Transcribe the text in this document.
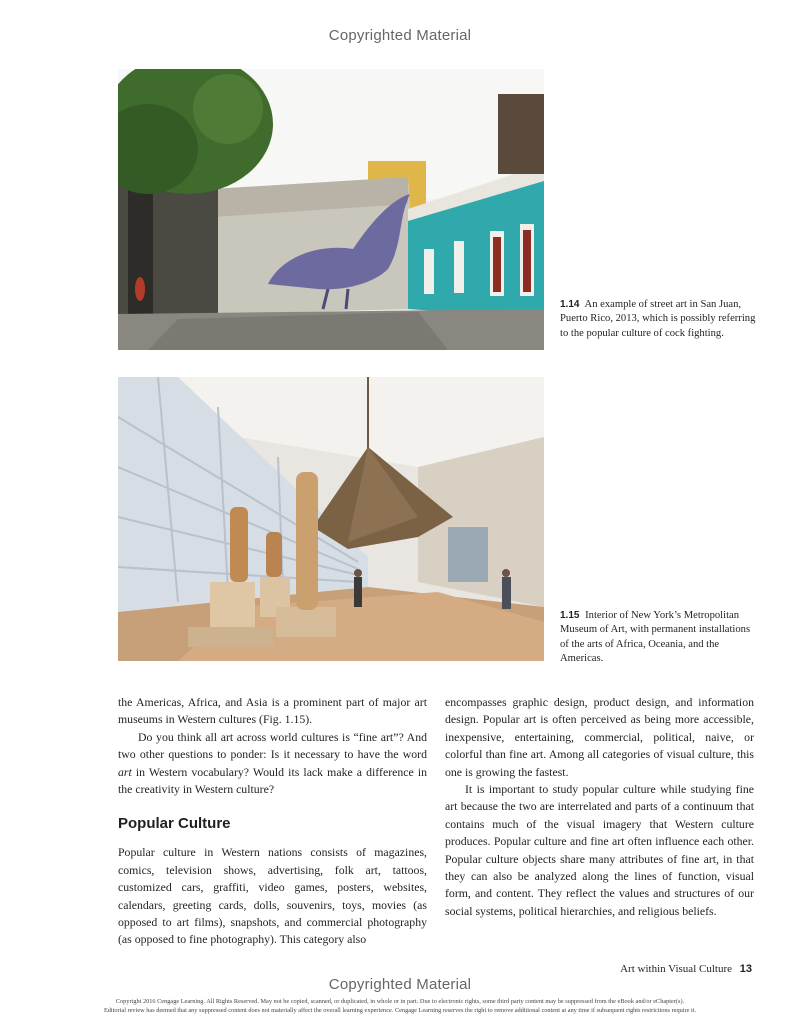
Copyrighted Material
1.14 An example of street art in San Juan, Puerto Rico, 2013, which is possibly referring to the popular culture of cock fighting.
1.15 Interior of New York’s Metropolitan Museum of Art, with permanent installations of the arts of Africa, Oceania, and the Americas.

the Americas, Africa, and Asia is a prominent part of major art museums in Western cultures (Fig. 1.15).

Do you think all art across world cultures is “fine art”? And two other questions to ponder: Is it necessary to have the word art in Western vocabulary? Would its lack make a difference in the creativity in Western culture?

Popular Culture

Popular culture in Western nations consists of magazines, comics, television shows, advertising, folk art, tattoos, customized cars, graffiti, video games, posters, websites, calendars, greeting cards, dolls, souvenirs, toys, movies (as opposed to art films), snapshots, and commercial photography (as opposed to fine photography). This category also

encompasses graphic design, product design, and information design. Popular art is often perceived as being more accessible, inexpensive, entertaining, commercial, political, naive, or colorful than fine art. Among all categories of visual culture, this one is growing the fastest.

It is important to study popular culture while studying fine art because the two are interrelated and parts of a continuum that contains much of the visual imagery that Western culture produces. Popular culture and fine art often influence each other. Popular culture objects share many attributes of fine art, in that they can also be analyzed along the lines of function, visual form, and content. They reflect the values and structures of our social systems, political hierarchies, and religious beliefs.

Art within Visual Culture 13
Copyrighted Material
Copyright 2016 Cengage Learning. All Rights Reserved. May not be copied, scanned, or duplicated, in whole or in part. Due to electronic rights, some third party content may be suppressed from the eBook and/or eChapter(s).
Editorial review has deemed that any suppressed content does not materially affect the overall learning experience. Cengage Learning reserves the right to remove additional content at any time if subsequent rights restrictions require it.
